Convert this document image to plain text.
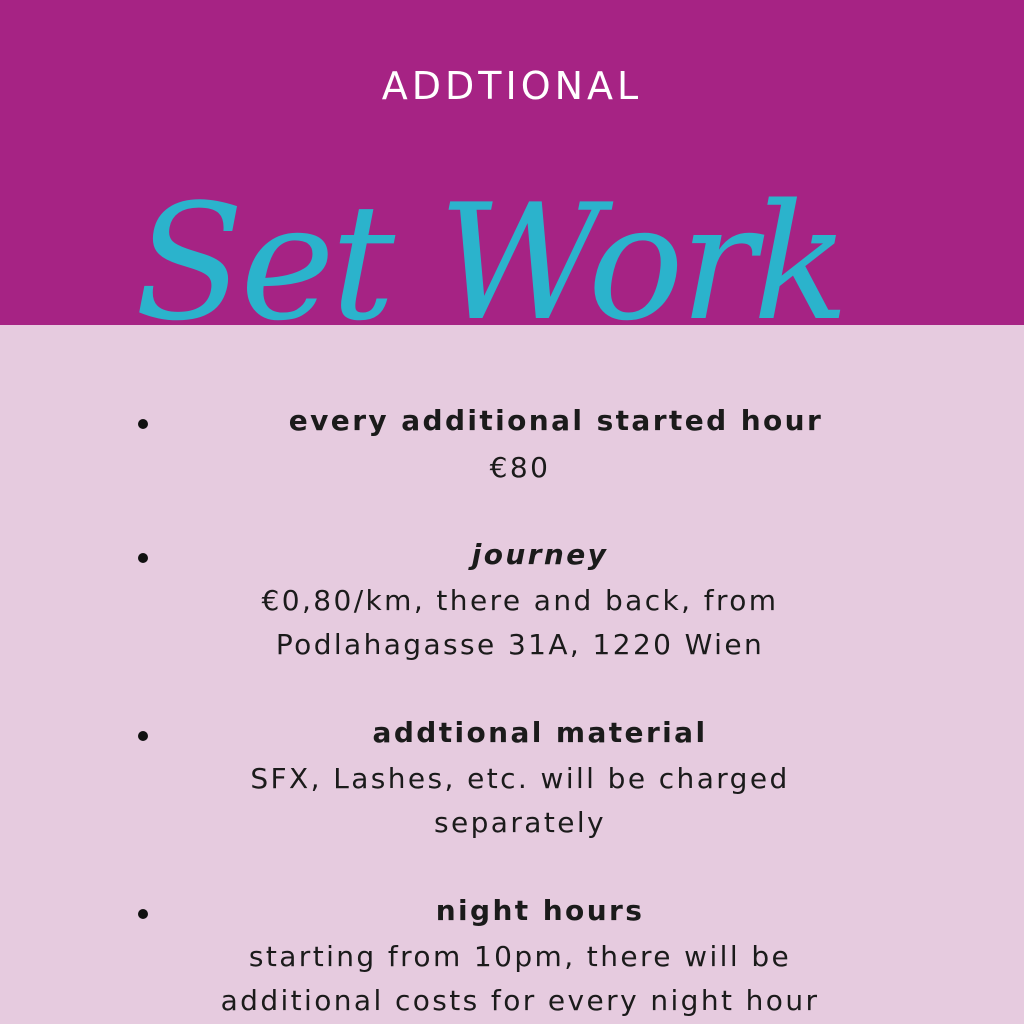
ADDTIONAL
Set Work
every additional started hour
€80
journey
€0,80/km, there and back, from
Podlahagasse 31A, 1220 Wien
addtional material
SFX, Lashes, etc. will be charged
separately
night hours
starting from 10pm, there will be
additional costs for every night hour
